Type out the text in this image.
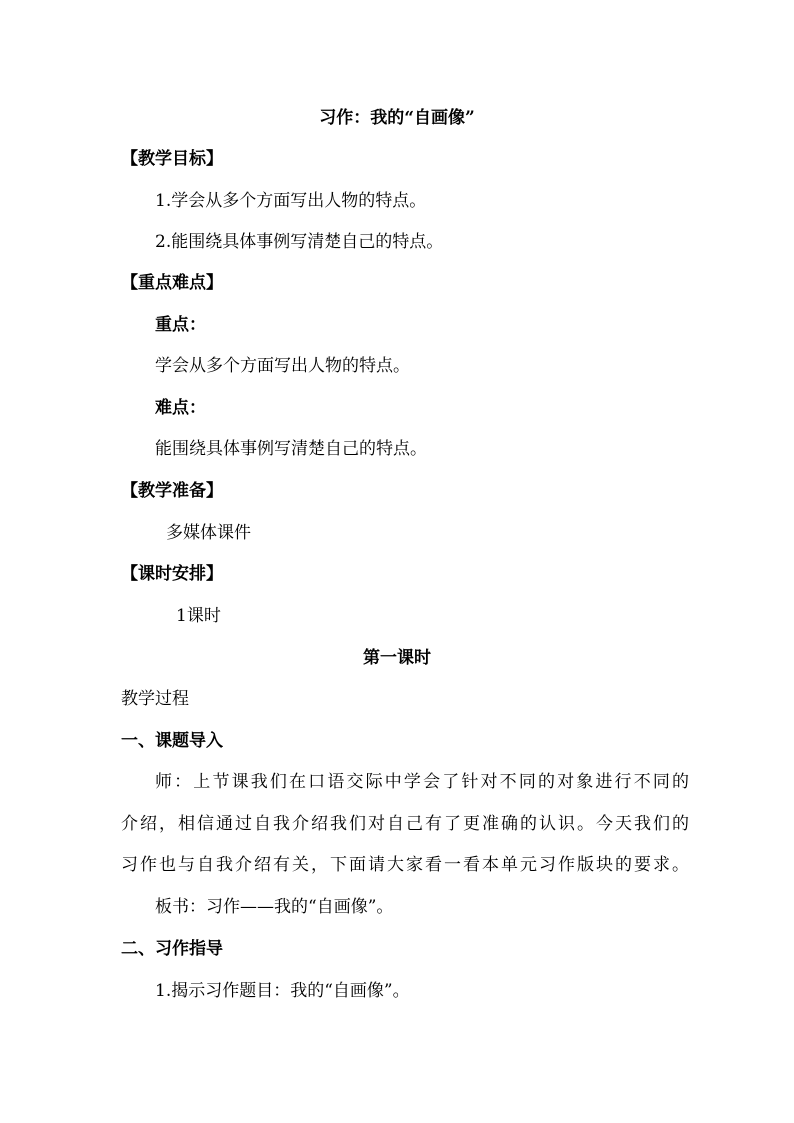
习作：我的“自画像”
【教学目标】
1.学会从多个方面写出人物的特点。
2.能围绕具体事例写清楚自己的特点。
【重点难点】
重点：
学会从多个方面写出人物的特点。
难点：
能围绕具体事例写清楚自己的特点。
【教学准备】
多媒体课件
【课时安排】
1课时
第一课时
教学过程
一、课题导入
师：上节课我们在口语交际中学会了针对不同的对象进行不同的
介绍，相信通过自我介绍我们对自己有了更准确的认识。今天我们的
习作也与自我介绍有关，下面请大家看一看本单元习作版块的要求。
板书：习作——我的“自画像”。
二、习作指导
1.揭示习作题目：我的“自画像”。
